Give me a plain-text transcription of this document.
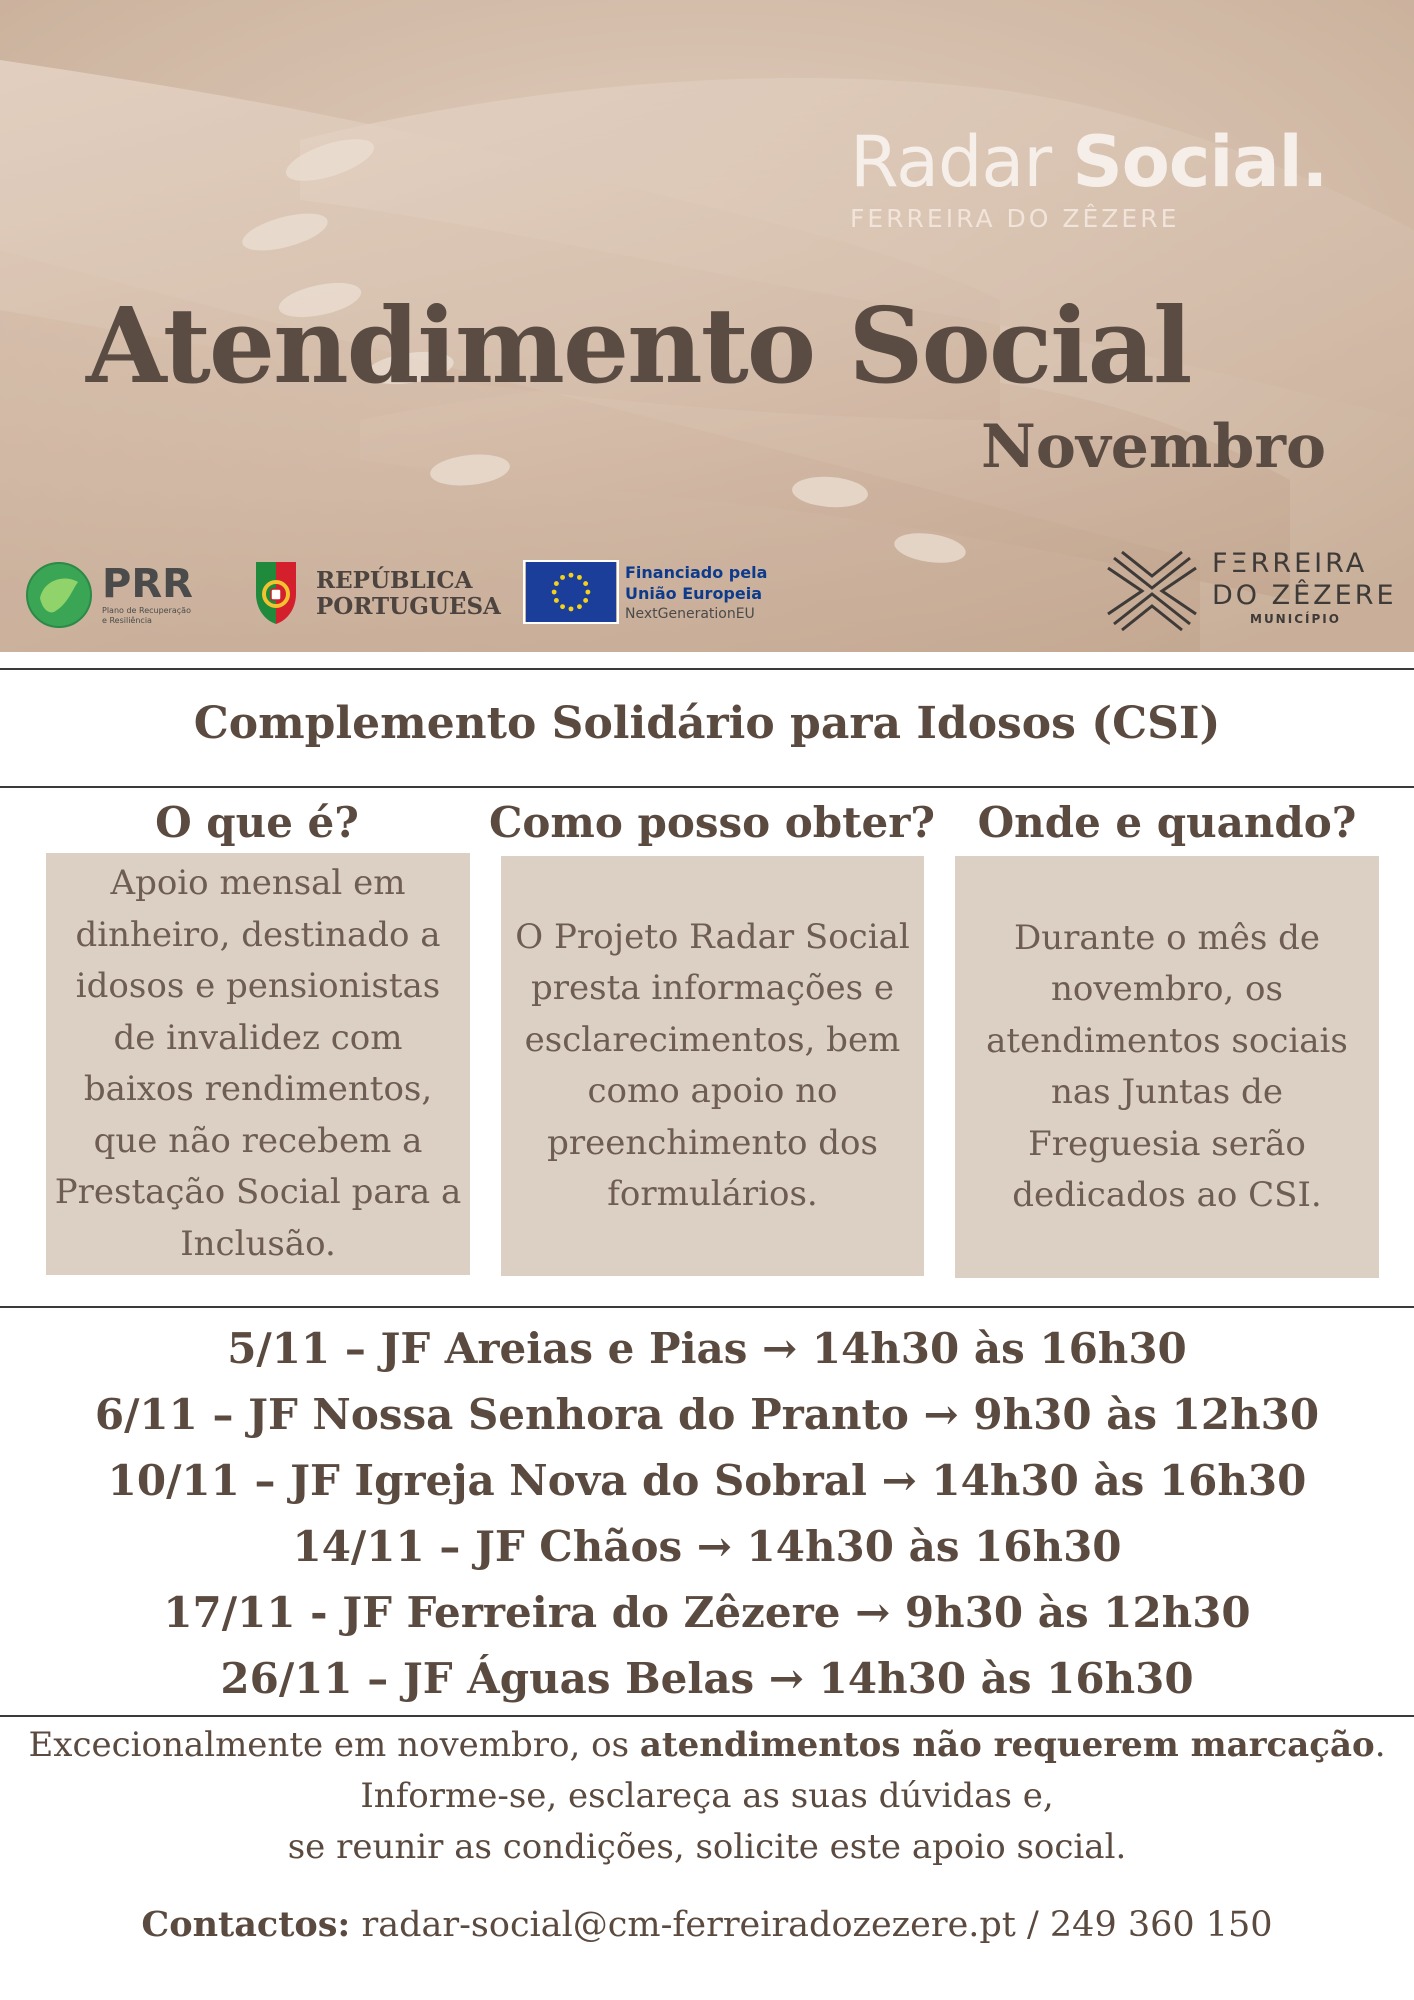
Radar Social.
FERREIRA DO ZÊZERE
Atendimento Social
Novembro
PRR
Plano de Recuperação
e Resiliência
REPÚBLICA
PORTUGUESA
Financiado pela
União Europeia
NextGenerationEU
FΞRREIRA
DO ZÊZERE
MUNICÍPIO
Complemento Solidário para Idosos (CSI)
O que é?	Como posso obter?	Onde e quando?
Apoio mensal em
dinheiro, destinado a
idosos e pensionistas
de invalidez com
baixos rendimentos,
que não recebem a
Prestação Social para a
Inclusão.
O Projeto Radar Social
presta informações e
esclarecimentos, bem
como apoio no
preenchimento dos
formulários.
Durante o mês de
novembro, os
atendimentos sociais
nas Juntas de
Freguesia serão
dedicados ao CSI.
5/11 – JF Areias e Pias → 14h30 às 16h30
6/11 – JF Nossa Senhora do Pranto → 9h30 às 12h30
10/11 – JF Igreja Nova do Sobral → 14h30 às 16h30
14/11 – JF Chãos → 14h30 às 16h30
17/11 - JF Ferreira do Zêzere → 9h30 às 12h30
26/11 – JF Águas Belas → 14h30 às 16h30
Excecionalmente em novembro, os atendimentos não requerem marcação. Informe-se, esclareça as suas dúvidas e,
se reunir as condições, solicite este apoio social.
Contactos: radar-social@cm-ferreiradozezere.pt / 249 360 150
